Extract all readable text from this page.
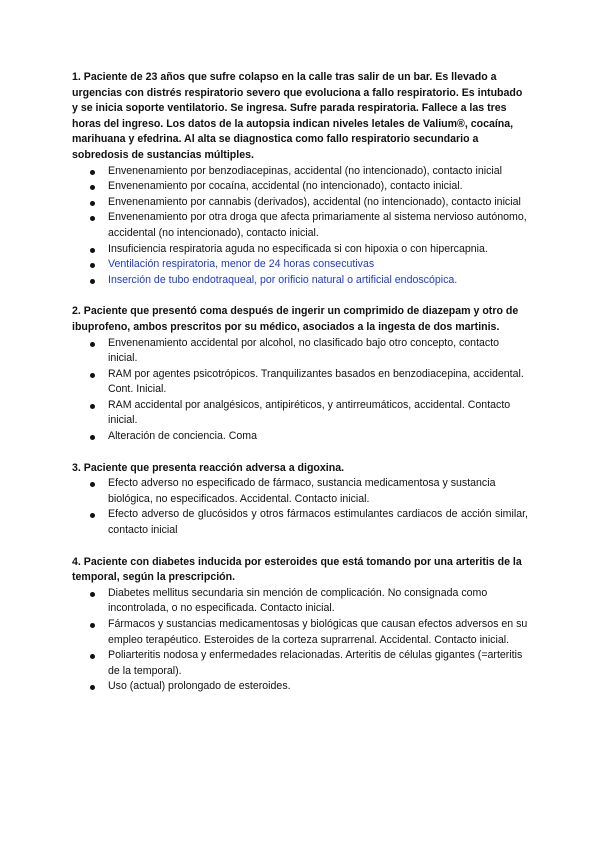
1. Paciente de 23 años que sufre colapso en la calle tras salir de un bar. Es llevado a urgencias con distrés respiratorio severo que evoluciona a fallo respiratorio. Es intubado y se inicia soporte ventilatorio. Se ingresa. Sufre parada respiratoria. Fallece a las tres horas del ingreso. Los datos de la autopsia indican niveles letales de Valium®, cocaína, marihuana y efedrina. Al alta se diagnostica como fallo respiratorio secundario a sobredosis de sustancias múltiples.

Envenenamiento por benzodiacepinas, accidental (no intencionado), contacto inicial
Envenenamiento por cocaína, accidental (no intencionado), contacto inicial.
Envenenamiento por cannabis (derivados), accidental (no intencionado), contacto inicial
Envenenamiento por otra droga que afecta primariamente al sistema nervioso autónomo, accidental (no intencionado), contacto inicial.
Insuficiencia respiratoria aguda no especificada si con hipoxia o con hipercapnia.
Ventilación respiratoria, menor de 24 horas consecutivas
Inserción de tubo endotraqueal, por orificio natural o artificial endoscópica.

2. Paciente que presentó coma después de ingerir un comprimido de diazepam y otro de ibuprofeno, ambos prescritos por su médico, asociados a la ingesta de dos martinis.

Envenenamiento accidental por alcohol, no clasificado bajo otro concepto, contacto inicial.
RAM por agentes psicotrópicos. Tranquilizantes basados en benzodiacepina, accidental. Cont. Inicial.
RAM accidental por analgésicos, antipiréticos, y antirreumáticos, accidental. Contacto inicial.
Alteración de conciencia. Coma

3. Paciente que presenta reacción adversa a digoxina.

Efecto adverso no especificado de fármaco, sustancia medicamentosa y sustancia biológica, no especificados. Accidental. Contacto inicial.
Efecto adverso de glucósidos y otros fármacos estimulantes cardiacos de acción similar, contacto inicial

4. Paciente con diabetes inducida por esteroides que está tomando por una arteritis de la temporal, según la prescripción.

Diabetes mellitus secundaria sin mención de complicación. No consignada como incontrolada, o no especificada. Contacto inicial.
Fármacos y sustancias medicamentosas y biológicas que causan efectos adversos en su empleo terapéutico. Esteroides de la corteza suprarrenal. Accidental. Contacto inicial.
Poliarteritis nodosa y enfermedades relacionadas. Arteritis de células gigantes (=arteritis de la temporal).
Uso (actual) prolongado de esteroides.
